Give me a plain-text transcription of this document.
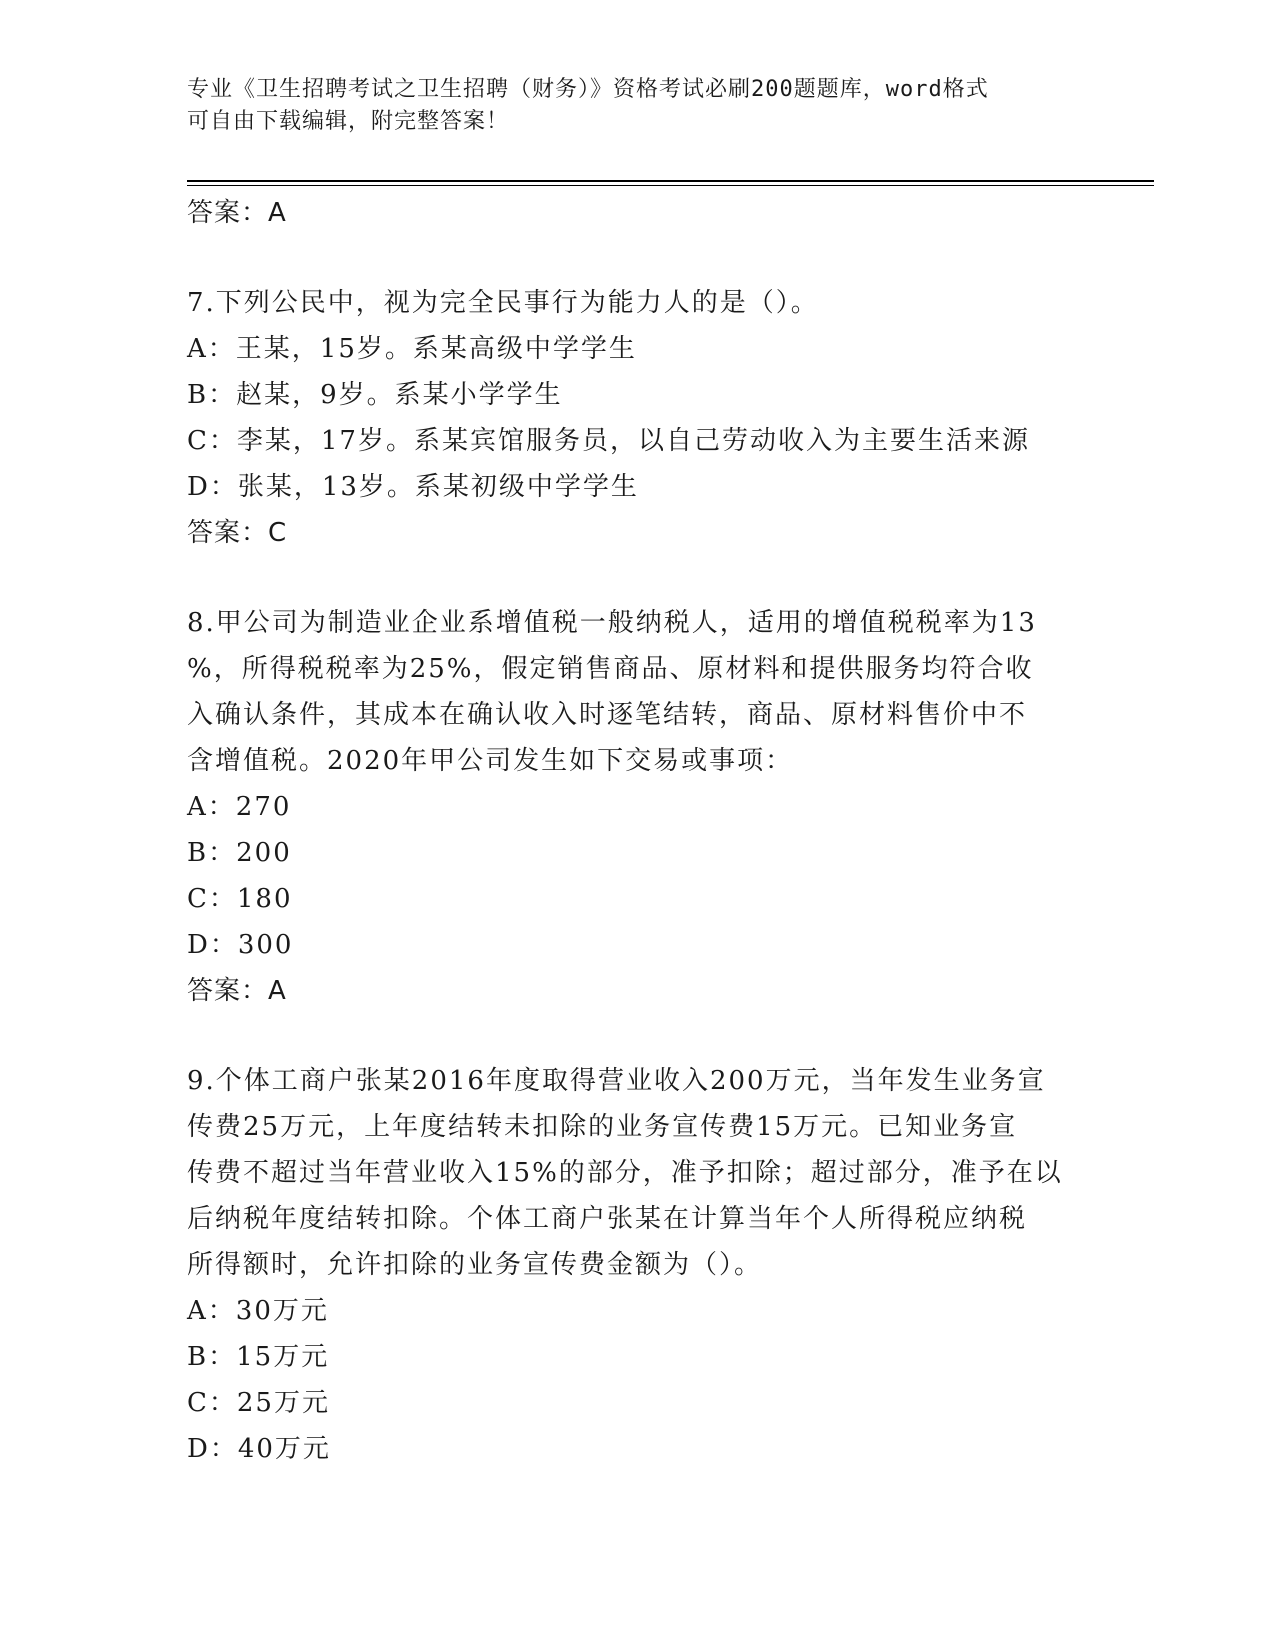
专业《卫生招聘考试之卫生招聘（财务）》资格考试必刷200题题库，word格式
可自由下载编辑，附完整答案！
答案：A
7.下列公民中，视为完全民事行为能力人的是（）。
A：王某，15岁。系某高级中学学生
B：赵某，9岁。系某小学学生
C：李某，17岁。系某宾馆服务员，以自己劳动收入为主要生活来源
D：张某，13岁。系某初级中学学生
答案：C
8.甲公司为制造业企业系增值税一般纳税人，适用的增值税税率为13
%，所得税税率为25%，假定销售商品、原材料和提供服务均符合收
入确认条件，其成本在确认收入时逐笔结转，商品、原材料售价中不
含增值税。2020年甲公司发生如下交易或事项：
A：270
B：200
C：180
D：300
答案：A
9.个体工商户张某2016年度取得营业收入200万元，当年发生业务宣
传费25万元，上年度结转未扣除的业务宣传费15万元。已知业务宣
传费不超过当年营业收入15%的部分，准予扣除；超过部分，准予在以
后纳税年度结转扣除。个体工商户张某在计算当年个人所得税应纳税
所得额时，允许扣除的业务宣传费金额为（）。
A：30万元
B：15万元
C：25万元
D：40万元
